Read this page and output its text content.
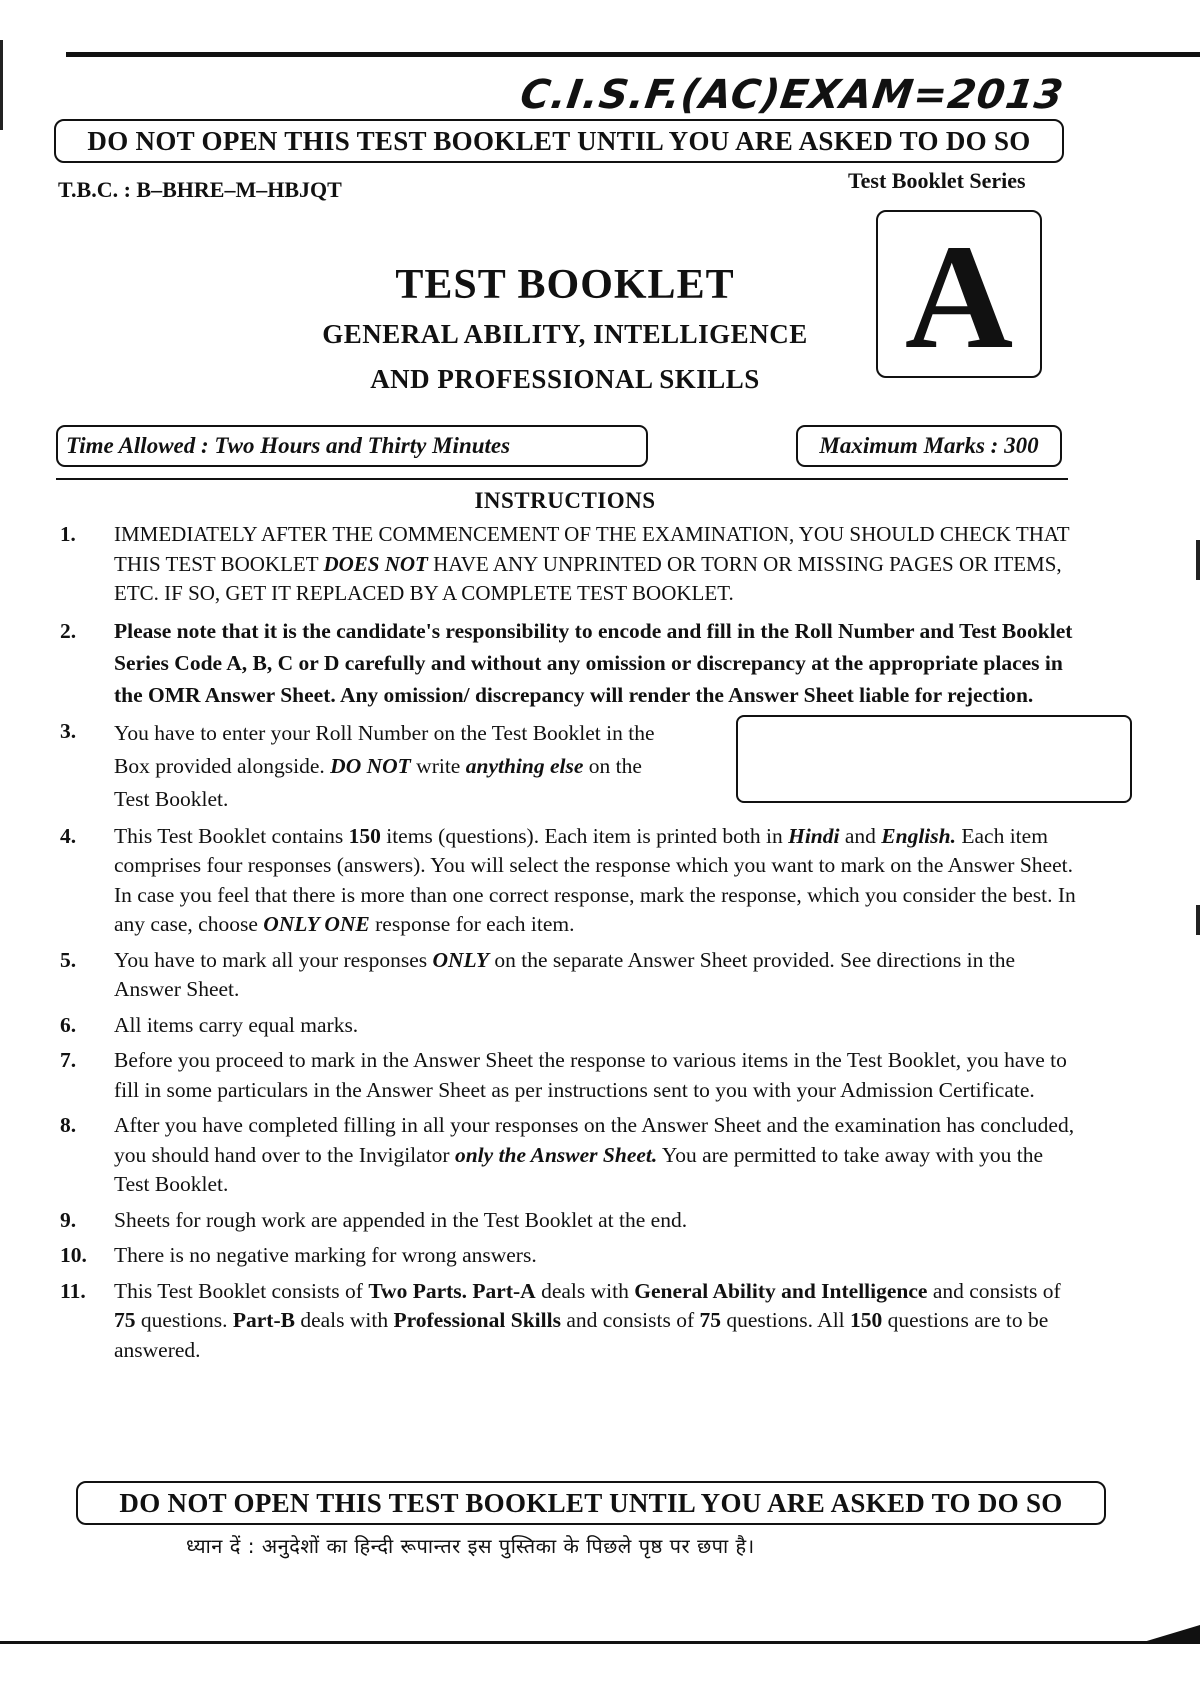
C.I.S.F.(AC)EXAM=2013
DO NOT OPEN THIS TEST BOOKLET UNTIL YOU ARE ASKED TO DO SO
T.B.C. : B–BHRE–M–HBJQT	Test Booklet Series
A
TEST BOOKLET
GENERAL ABILITY, INTELLIGENCE
AND PROFESSIONAL SKILLS
Time Allowed : Two Hours and Thirty Minutes	Maximum Marks : 300
INSTRUCTIONS
1. IMMEDIATELY AFTER THE COMMENCEMENT OF THE EXAMINATION, YOU SHOULD CHECK THAT THIS TEST BOOKLET DOES NOT HAVE ANY UNPRINTED OR TORN OR MISSING PAGES OR ITEMS, ETC. IF SO, GET IT REPLACED BY A COMPLETE TEST BOOKLET.
2. Please note that it is the candidate's responsibility to encode and fill in the Roll Number and Test Booklet Series Code A, B, C or D carefully and without any omission or discrepancy at the appropriate places in the OMR Answer Sheet. Any omission/ discrepancy will render the Answer Sheet liable for rejection.
3. You have to enter your Roll Number on the Test Booklet in the Box provided alongside. DO NOT write anything else on the Test Booklet.
4. This Test Booklet contains 150 items (questions). Each item is printed both in Hindi and English. Each item comprises four responses (answers). You will select the response which you want to mark on the Answer Sheet. In case you feel that there is more than one correct response, mark the response, which you consider the best. In any case, choose ONLY ONE response for each item.
5. You have to mark all your responses ONLY on the separate Answer Sheet provided. See directions in the Answer Sheet.
6. All items carry equal marks.
7. Before you proceed to mark in the Answer Sheet the response to various items in the Test Booklet, you have to fill in some particulars in the Answer Sheet as per instructions sent to you with your Admission Certificate.
8. After you have completed filling in all your responses on the Answer Sheet and the examination has concluded, you should hand over to the Invigilator only the Answer Sheet. You are permitted to take away with you the Test Booklet.
9. Sheets for rough work are appended in the Test Booklet at the end.
10. There is no negative marking for wrong answers.
11. This Test Booklet consists of Two Parts. Part-A deals with General Ability and Intelligence and consists of 75 questions. Part-B deals with Professional Skills and consists of 75 questions. All 150 questions are to be answered.
DO NOT OPEN THIS TEST BOOKLET UNTIL YOU ARE ASKED TO DO SO
ध्यान दें : अनुदेशों का हिन्दी रूपान्तर इस पुस्तिका के पिछले पृष्ठ पर छपा है।
